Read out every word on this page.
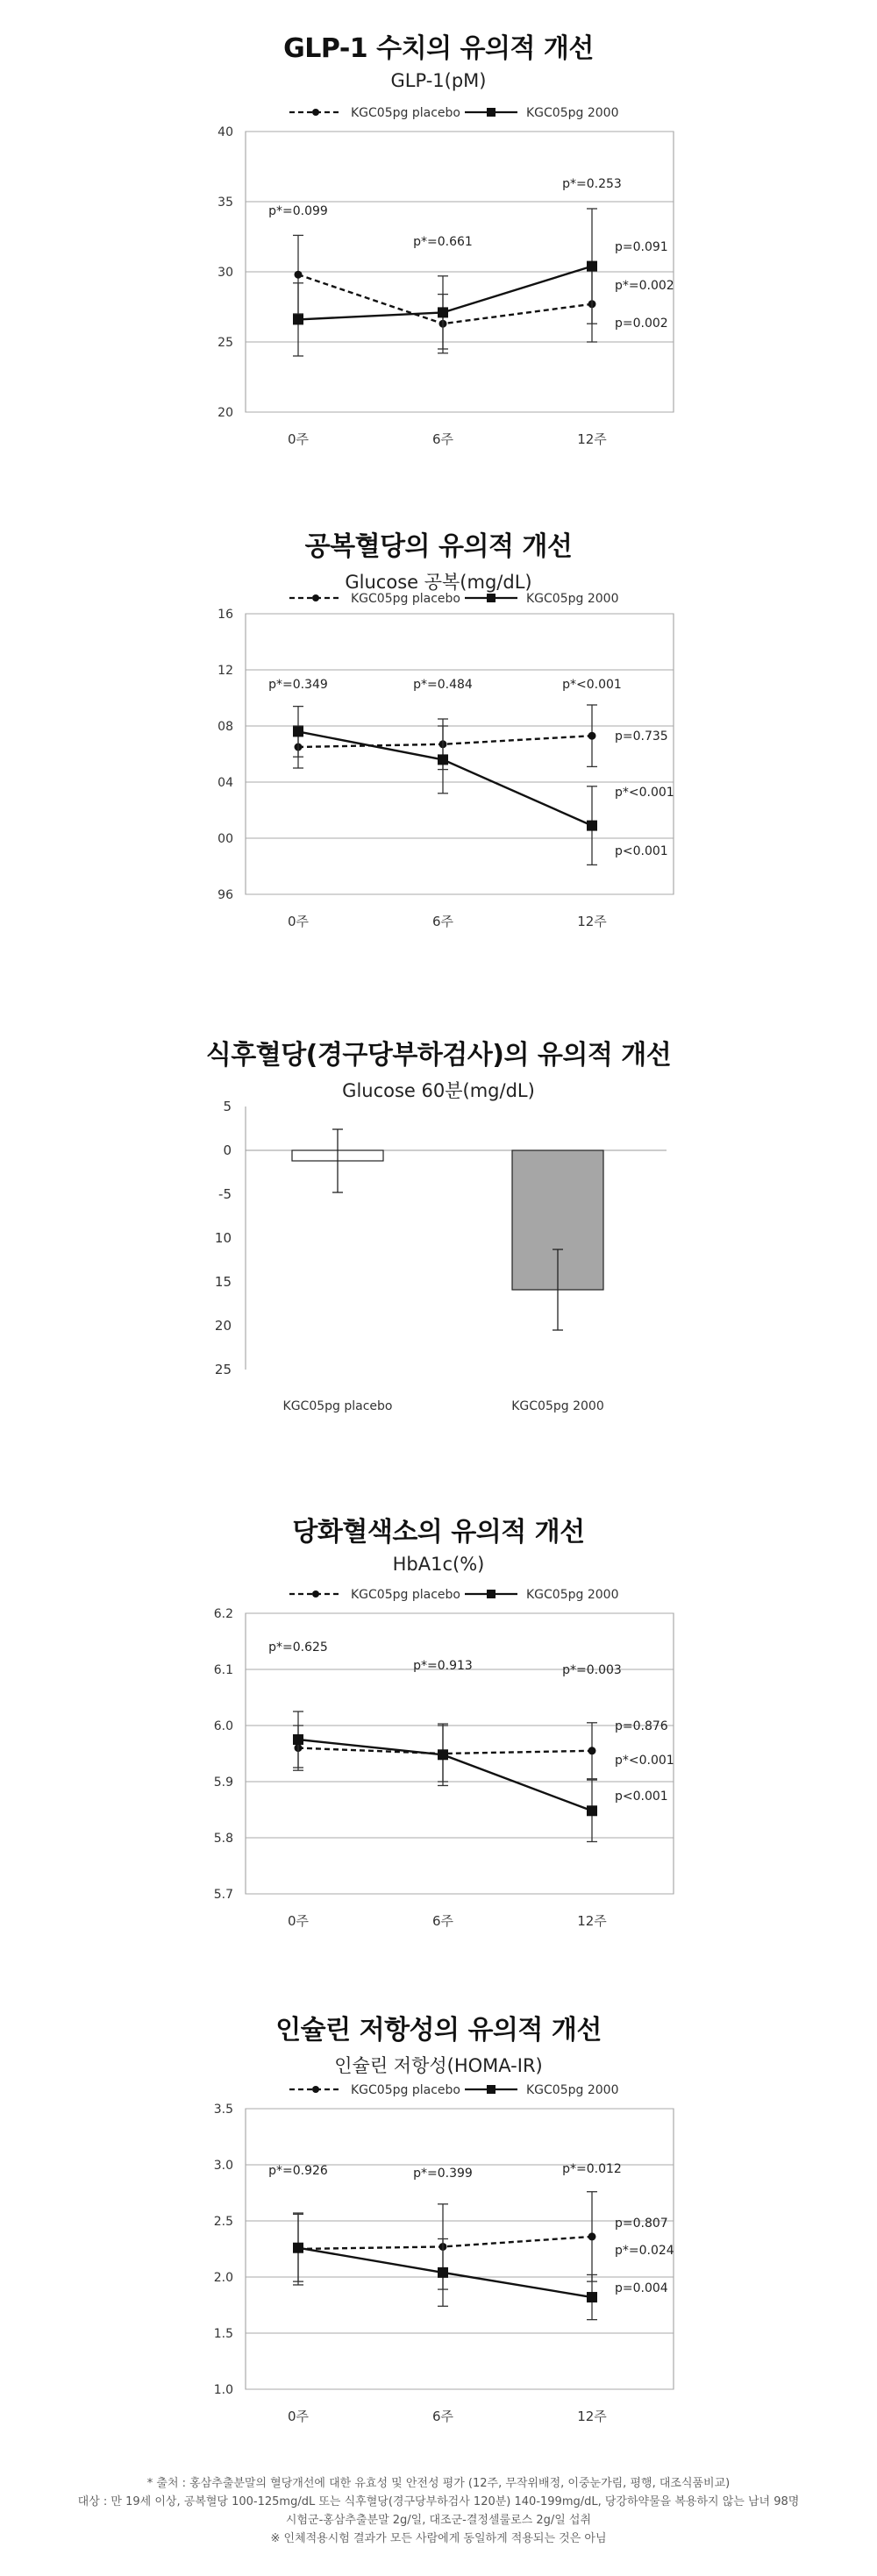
GLP-1 수치의 유의적 개선
GLP-1(pM)
KGC05pg placebo	KGC05pg 2000
20
25
30
35
40
0주	6주	12주
p*=0.099
p*=0.661
p*=0.253
p=0.091
p*=0.002
p=0.002
공복혈당의 유의적 개선
Glucose 공복(mg/dL)
KGC05pg placebo	KGC05pg 2000
96
00
04
08
12
16
0주	6주	12주
p*=0.349	p*=0.484	p*<0.001
p=0.735
p*<0.001
p<0.001
식후혈당(경구당부하검사)의 유의적 개선
Glucose 60분(mg/dL)
25
20
15
10
-5
0
5
KGC05pg placebo	KGC05pg 2000
당화혈색소의 유의적 개선
HbA1c(%)
KGC05pg placebo	KGC05pg 2000
5.7
5.8
5.9
6.0
6.1
6.2
0주	6주	12주
p*=0.625
p*=0.913	p*=0.003
p=0.876
p*<0.001
p<0.001
인슐린 저항성의 유의적 개선
인슐린 저항성(HOMA-IR)
KGC05pg placebo	KGC05pg 2000
1.0
1.5
2.0
2.5
3.0
3.5
0주	6주	12주
p*=0.926	p*=0.399	p*=0.012
p=0.807
p*=0.024
p=0.004
* 출처 : 홍삼추출분말의 혈당개선에 대한 유효성 및 안전성 평가 (12주, 무작위배정, 이중눈가림, 평행, 대조식품비교)
대상 : 만 19세 이상, 공복혈당 100-125mg/dL 또는 식후혈당(경구당부하검사 120분) 140-199mg/dL, 당강하약물을 복용하지 않는 남녀 98명
시험군-홍삼추출분말 2g/일, 대조군-결정셀룰로스 2g/일 섭취
※ 인체적용시험 결과가 모든 사람에게 동일하게 적용되는 것은 아님
